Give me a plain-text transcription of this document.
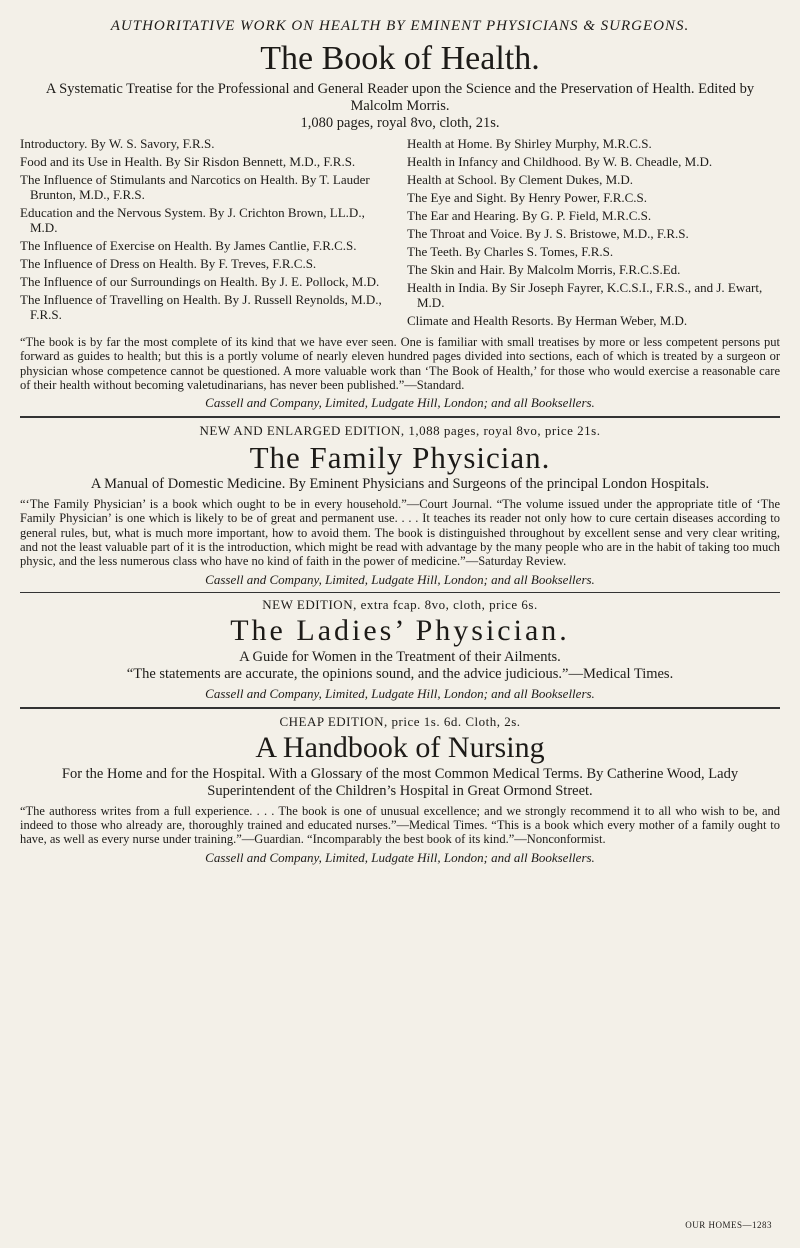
AUTHORITATIVE WORK ON HEALTH BY EMINENT PHYSICIANS & SURGEONS.
The Book of Health.
A Systematic Treatise for the Professional and General Reader upon the Science and the Preservation of Health. Edited by Malcolm Morris.
1,080 pages, royal 8vo, cloth, 21s.

Introductory. By W. S. Savory, F.R.S.

Food and its Use in Health. By Sir Risdon Bennett, M.D., F.R.S.

The Influence of Stimulants and Narcotics on Health. By T. Lauder Brunton, M.D., F.R.S.

Education and the Nervous System. By J. Crichton Brown, LL.D., M.D.

The Influence of Exercise on Health. By James Cantlie, F.R.C.S.

The Influence of Dress on Health. By F. Treves, F.R.C.S.

The Influence of our Surroundings on Health. By J. E. Pollock, M.D.

The Influence of Travelling on Health. By J. Russell Reynolds, M.D., F.R.S.

Health at Home. By Shirley Murphy, M.R.C.S.

Health in Infancy and Childhood. By W. B. Cheadle, M.D.

Health at School. By Clement Dukes, M.D.

The Eye and Sight. By Henry Power, F.R.C.S.

The Ear and Hearing. By G. P. Field, M.R.C.S.

The Throat and Voice. By J. S. Bristowe, M.D., F.R.S.

The Teeth. By Charles S. Tomes, F.R.S.

The Skin and Hair. By Malcolm Morris, F.R.C.S.Ed.

Health in India. By Sir Joseph Fayrer, K.C.S.I., F.R.S., and J. Ewart, M.D.

Climate and Health Resorts. By Herman Weber, M.D.

“The book is by far the most complete of its kind that we have ever seen. One is familiar with small treatises by more or less competent persons put forward as guides to health; but this is a portly volume of nearly eleven hundred pages divided into sections, each of which is treated by a surgeon or physician whose competence cannot be questioned. A more valuable work than ‘The Book of Health,’ for those who would exercise a reasonable care of their health without becoming valetudinarians, has never been published.”—Standard.

Cassell and Company, Limited, Ludgate Hill, London; and all Booksellers.
NEW AND ENLARGED EDITION, 1,088 pages, royal 8vo, price 21s.
The Family Physician.
A Manual of Domestic Medicine. By Eminent Physicians and Surgeons of the principal London Hospitals.

“‘The Family Physician’ is a book which ought to be in every household.”—Court Journal. “The volume issued under the appropriate title of ‘The Family Physician’ is one which is likely to be of great and permanent use. . . . It teaches its reader not only how to cure certain diseases according to general rules, but, what is much more important, how to avoid them. The book is distinguished throughout by excellent sense and very clear writing, and not the least valuable part of it is the introduction, which might be read with advantage by the many people who are in the habit of taking too much physic, and the less numerous class who have no kind of faith in the power of medicine.”—Saturday Review.

Cassell and Company, Limited, Ludgate Hill, London; and all Booksellers.
NEW EDITION, extra fcap. 8vo, cloth, price 6s.
The Ladies’ Physician.
A Guide for Women in the Treatment of their Ailments.
“The statements are accurate, the opinions sound, and the advice judicious.”—Medical Times.
Cassell and Company, Limited, Ludgate Hill, London; and all Booksellers.
CHEAP EDITION, price 1s. 6d. Cloth, 2s.
A Handbook of Nursing
For the Home and for the Hospital. With a Glossary of the most Common Medical Terms. By Catherine Wood, Lady Superintendent of the Children’s Hospital in Great Ormond Street.

“The authoress writes from a full experience. . . . The book is one of unusual excellence; and we strongly recommend it to all who wish to be, and indeed to those who already are, thoroughly trained and educated nurses.”—Medical Times. “This is a book which every mother of a family ought to have, as well as every nurse under training.”—Guardian. “Incomparably the best book of its kind.”—Nonconformist.

Cassell and Company, Limited, Ludgate Hill, London; and all Booksellers.
OUR HOMES—1283
